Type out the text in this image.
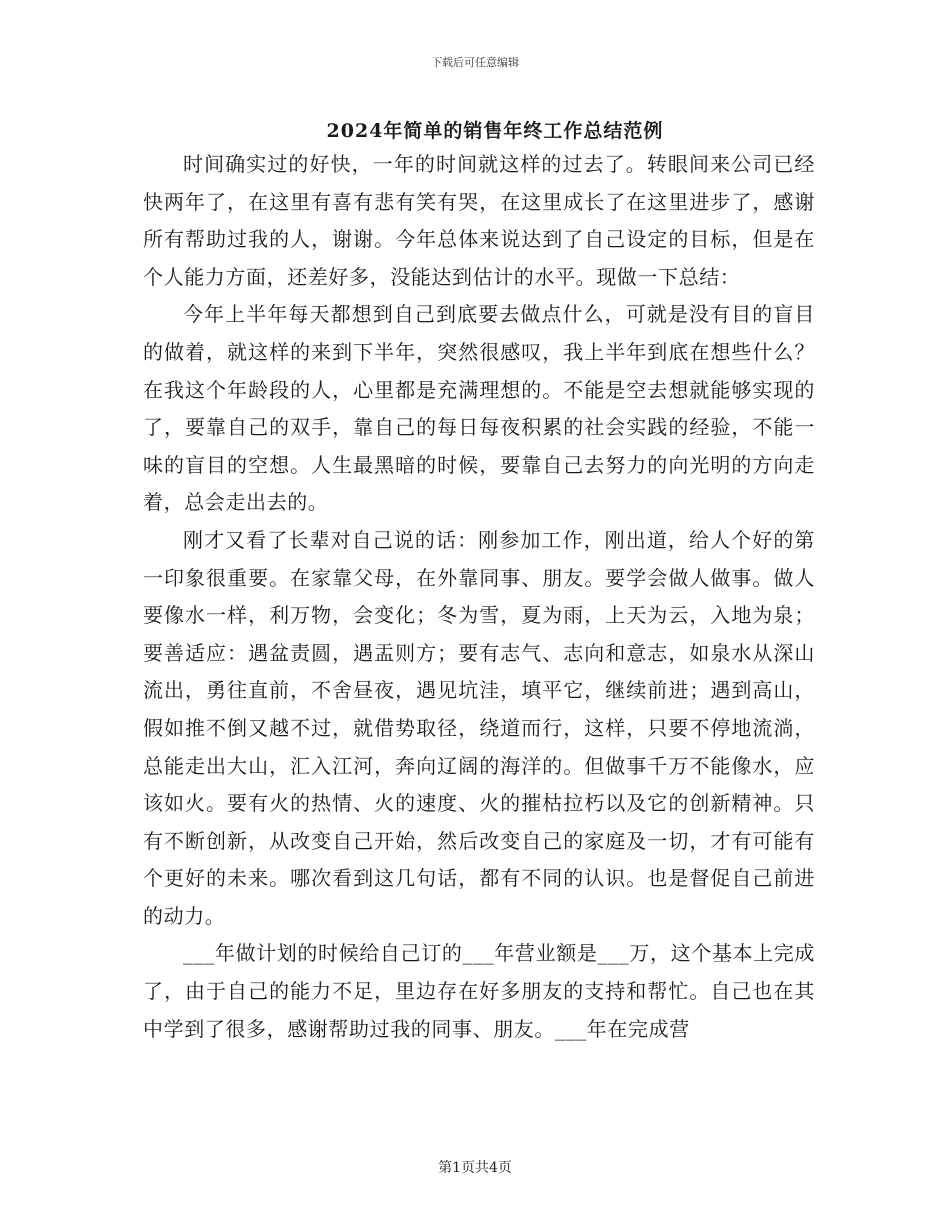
下载后可任意编辑
2024年简单的销售年终工作总结范例

时间确实过的好快，一年的时间就这样的过去了。转眼间来公司已经快两年了，在这里有喜有悲有笑有哭，在这里成长了在这里进步了，感谢所有帮助过我的人，谢谢。今年总体来说达到了自己设定的目标，但是在个人能力方面，还差好多，没能达到估计的水平。现做一下总结：

今年上半年每天都想到自己到底要去做点什么，可就是没有目的盲目的做着，就这样的来到下半年，突然很感叹，我上半年到底在想些什么？在我这个年龄段的人，心里都是充满理想的。不能是空去想就能够实现的了，要靠自己的双手，靠自己的每日每夜积累的社会实践的经验，不能一味的盲目的空想。人生最黑暗的时候，要靠自己去努力的向光明的方向走着，总会走出去的。

刚才又看了长辈对自己说的话：刚参加工作，刚出道，给人个好的第一印象很重要。在家靠父母，在外靠同事、朋友。要学会做人做事。做人要像水一样，利万物，会变化；冬为雪，夏为雨，上天为云，入地为泉；要善适应：遇盆责圆，遇盂则方；要有志气、志向和意志，如泉水从深山流出，勇往直前，不舍昼夜，遇见坑洼，填平它，继续前进；遇到高山，假如推不倒又越不过，就借势取径，绕道而行，这样，只要不停地流淌，总能走出大山，汇入江河，奔向辽阔的海洋的。但做事千万不能像水，应该如火。要有火的热情、火的速度、火的摧枯拉朽以及它的创新精神。只有不断创新，从改变自己开始，然后改变自己的家庭及一切，才有可能有个更好的未来。哪次看到这几句话，都有不同的认识。也是督促自己前进的动力。

___年做计划的时候给自己订的___年营业额是___万，这个基本上完成了，由于自己的能力不足，里边存在好多朋友的支持和帮忙。自己也在其中学到了很多，感谢帮助过我的同事、朋友。___年在完成营

第1页共4页
